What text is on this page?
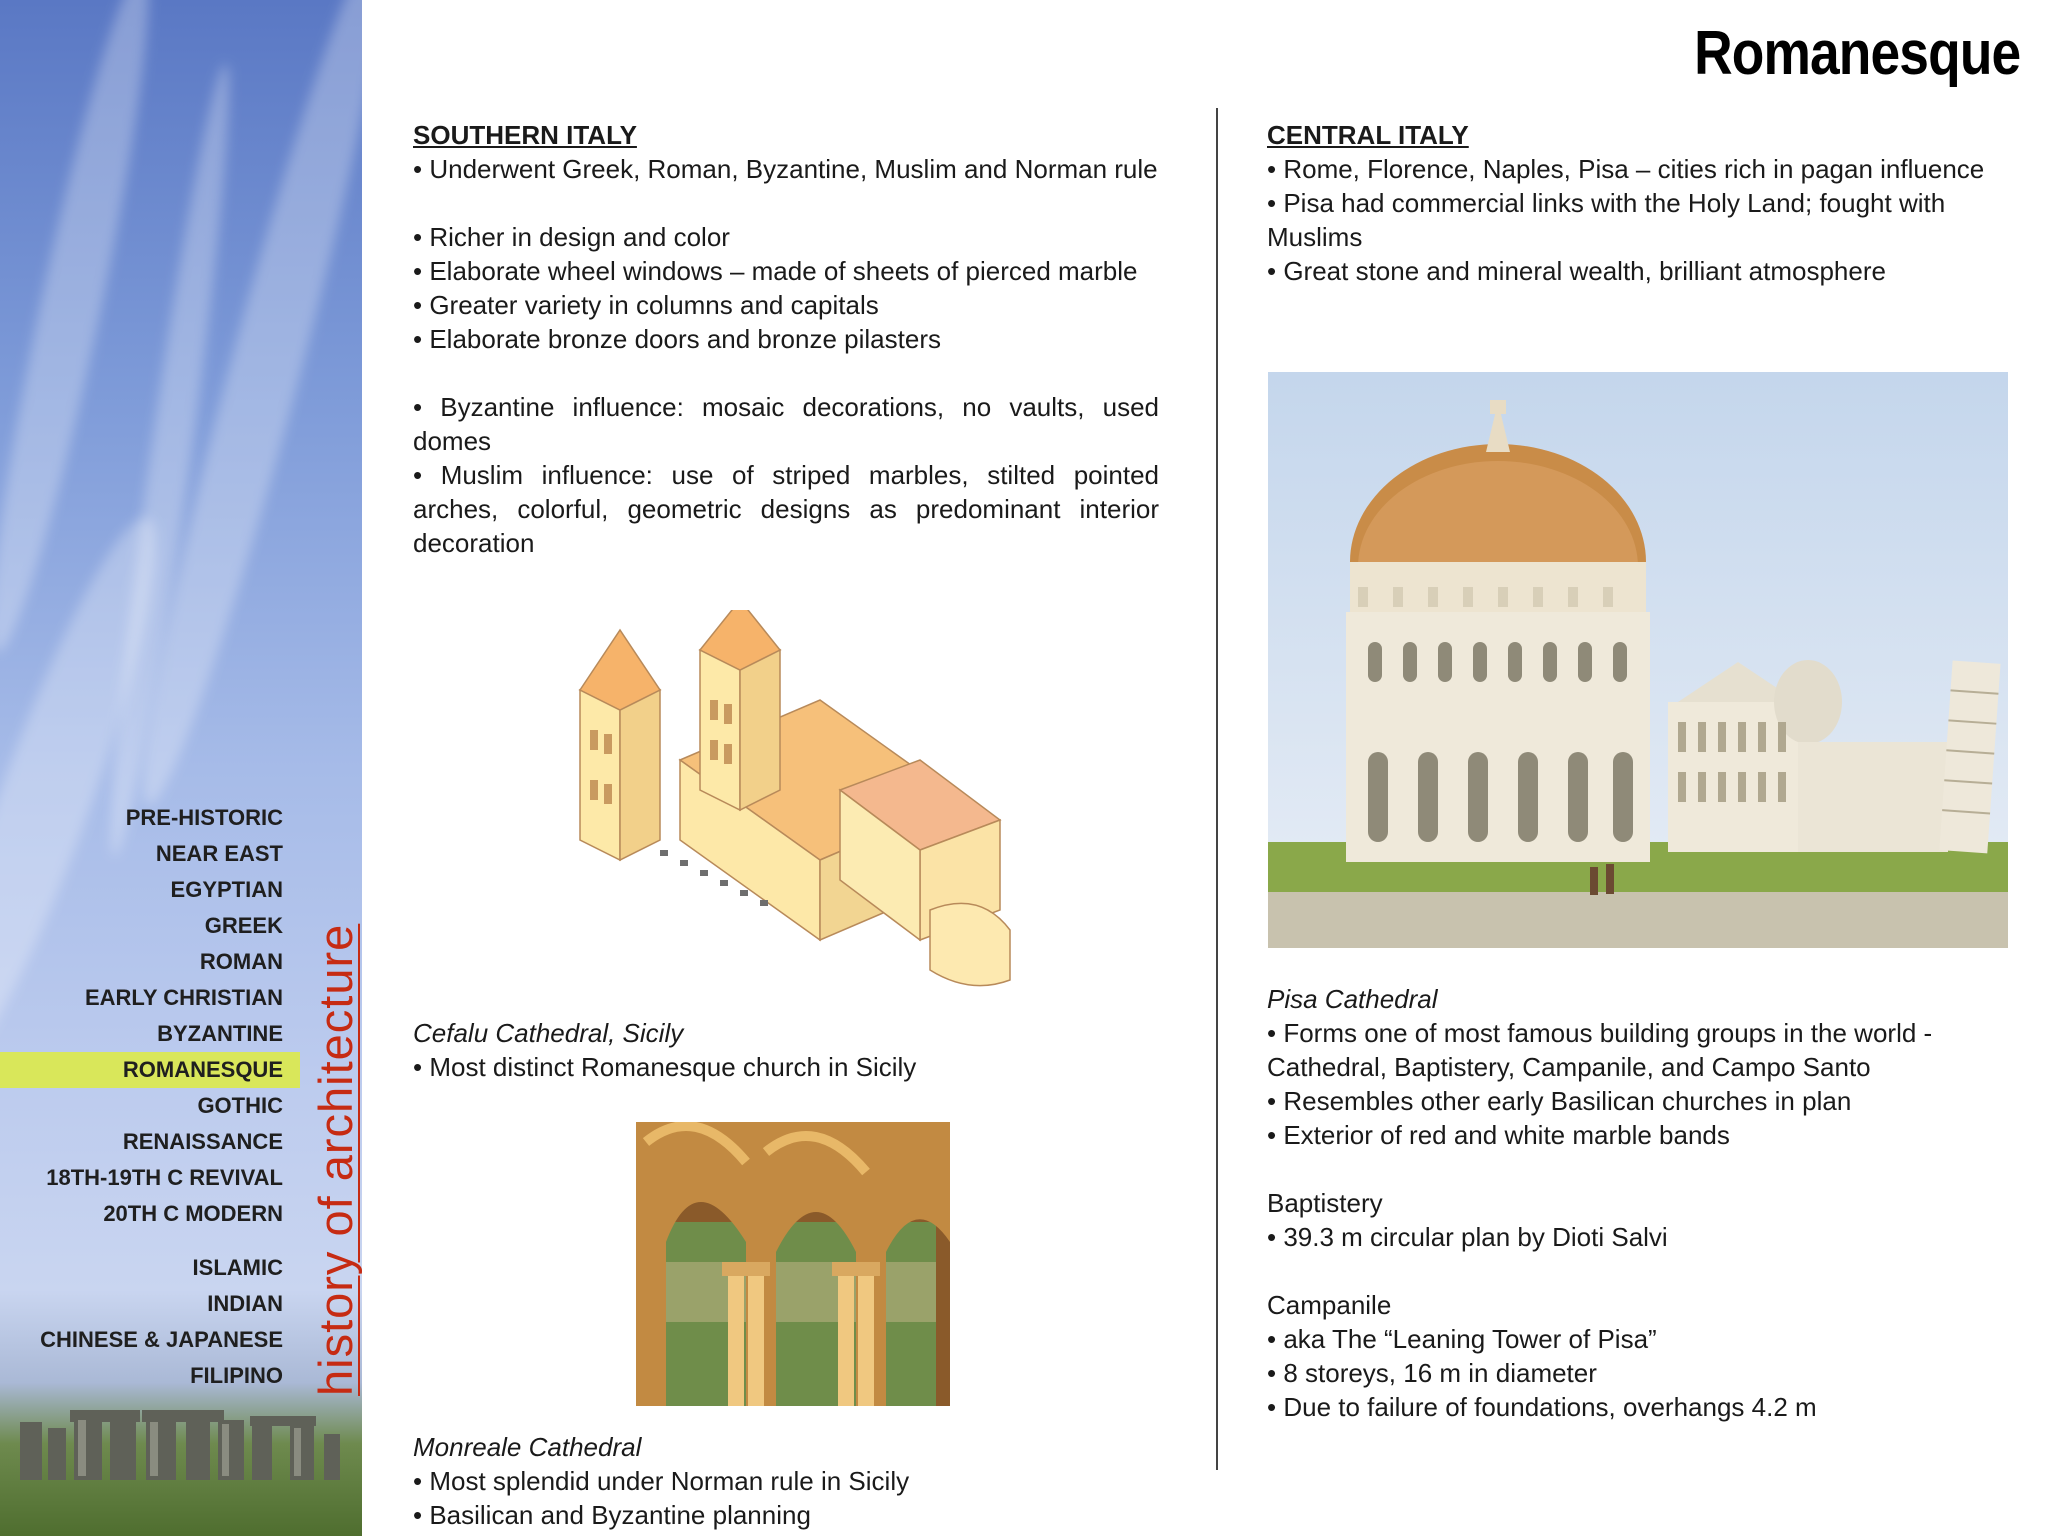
PRE-HISTORIC
NEAR EAST
EGYPTIAN
GREEK
ROMAN
EARLY CHRISTIAN
BYZANTINE
ROMANESQUE
GOTHIC
RENAISSANCE
18TH-19TH C REVIVAL
20TH C MODERN
ISLAMIC
INDIAN
CHINESE & JAPANESE
FILIPINO history of architecture
Romanesque

SOUTHERN ITALY

• Underwent Greek, Roman, Byzantine, Muslim and Norman rule

• Richer in design and color

• Elaborate wheel windows – made of sheets of pierced marble

• Greater variety in columns and capitals

• Elaborate bronze doors and bronze pilasters

• Byzantine influence: mosaic decorations, no vaults, used domes

• Muslim influence: use of striped marbles, stilted pointed arches, colorful, geometric designs as predominant interior decoration

Cefalu Cathedral, Sicily

• Most distinct Romanesque church in Sicily

Monreale Cathedral

• Most splendid under Norman rule in Sicily

• Basilican and Byzantine planning

CENTRAL ITALY

• Rome, Florence, Naples, Pisa – cities rich in pagan influence

• Pisa had commercial links with the Holy Land; fought with Muslims

• Great stone and mineral wealth, brilliant atmosphere

Pisa Cathedral

• Forms one of most famous building groups in the world - Cathedral, Baptistery, Campanile, and Campo Santo

• Resembles other early Basilican churches in plan

• Exterior of red and white marble bands

Baptistery

• 39.3 m circular plan by Dioti Salvi

Campanile

• aka The “Leaning Tower of Pisa”

• 8 storeys, 16 m in diameter

• Due to failure of foundations, overhangs 4.2 m
